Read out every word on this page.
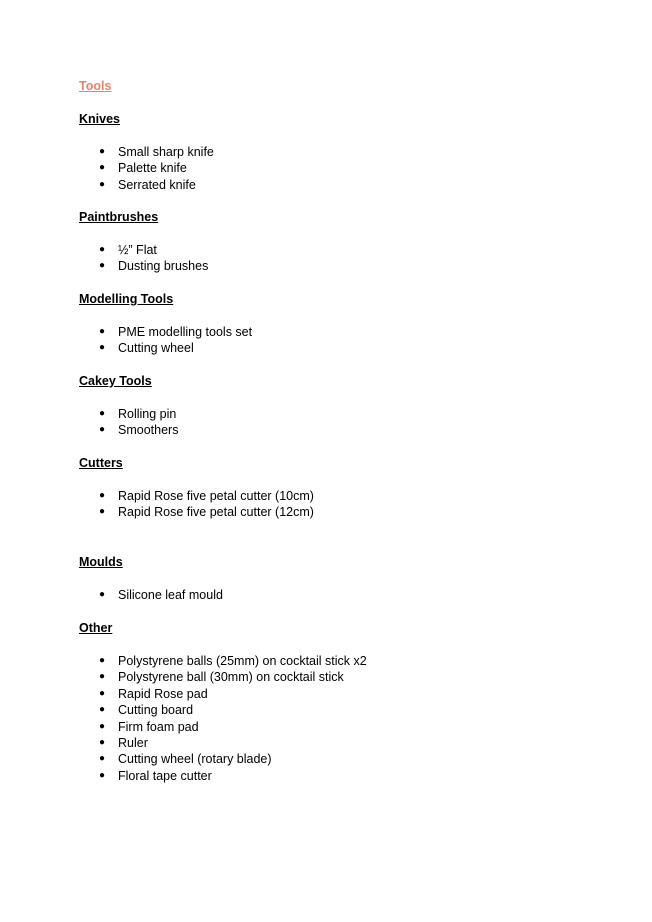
Tools
Knives
● Small sharp knife
● Palette knife
● Serrated knife
Paintbrushes
● ½” Flat
● Dusting brushes
Modelling Tools
● PME modelling tools set
● Cutting wheel
Cakey Tools
● Rolling pin
● Smoothers
Cutters
● Rapid Rose five petal cutter (10cm)
● Rapid Rose five petal cutter (12cm)
Moulds
● Silicone leaf mould
Other
● Polystyrene balls (25mm) on cocktail stick x2
● Polystyrene ball (30mm) on cocktail stick
● Rapid Rose pad
● Cutting board
● Firm foam pad
● Ruler
● Cutting wheel (rotary blade)
● Floral tape cutter
